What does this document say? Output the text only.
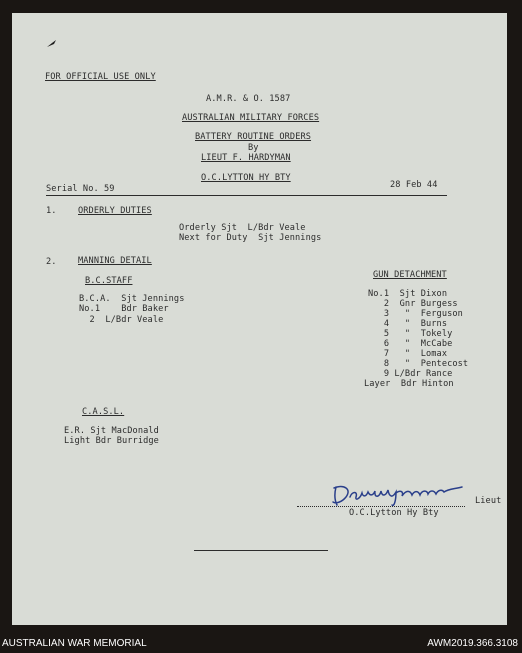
FOR OFFICIAL USE ONLY
A.M.R. & O. 1587
AUSTRALIAN MILITARY FORCES
BATTERY ROUTINE ORDERS
By
LIEUT F. HARDYMAN
O.C.LYTTON HY BTY
Serial No. 59	28 Feb 44
1. ORDERLY DUTIES
Orderly Sjt  L/Bdr Veale
Next for Duty  Sjt Jennings
2. MANNING DETAIL
B.C.STAFF
B.C.A.  Sjt Jennings
No.1    Bdr Baker
2  L/Bdr Veale
GUN DETACHMENT
No.1  Sjt Dixon
2  Gnr Burgess
3   "  Ferguson
4   "  Burns
5   "  Tokely
6   "  McCabe
7   "  Lomax
8   "  Pentecost
9 L/Bdr Rance
Layer  Bdr Hinton
C.A.S.L.
E.R. Sjt MacDonald
Light Bdr Burridge
Lieut
O.C.Lytton Hy Bty
AUSTRALIAN WAR MEMORIAL	AWM2019.366.3108
